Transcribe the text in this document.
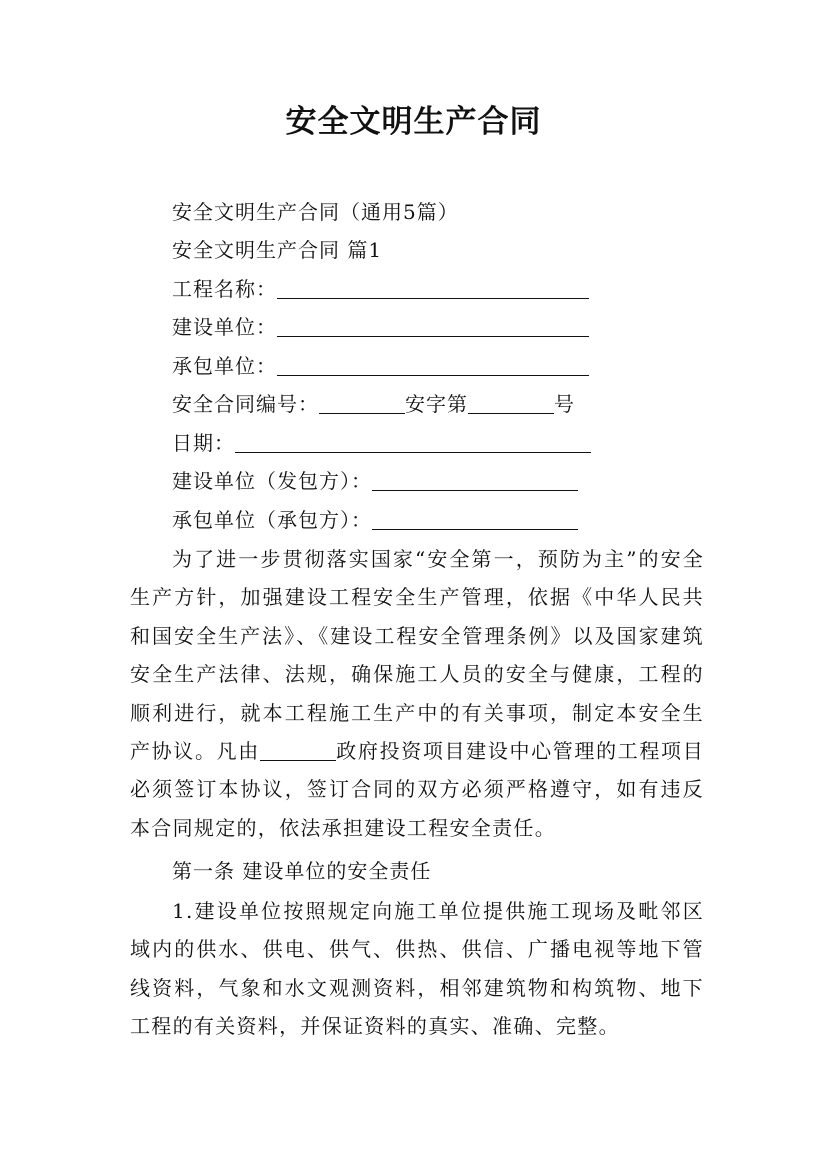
安全文明生产合同
安全文明生产合同（通用5篇）
安全文明生产合同 篇1
工程名称：
建设单位：
承包单位：
安全合同编号：	安字第	号
日期：
建设单位（发包方）：
承包单位（承包方）：
为了进一步贯彻落实国家“安全第一，预防为主”的安全生产方针，加强建设工程安全生产管理，依据《中华人民共和国安全生产法》、《建设工程安全管理条例》以及国家建筑安全生产法律、法规，确保施工人员的安全与健康，工程的顺利进行，就本工程施工生产中的有关事项，制定本安全生产协议。凡由	政府投资项目建设中心管理的工程项目必须签订本协议，签订合同的双方必须严格遵守，如有违反本合同规定的，依法承担建设工程安全责任。
第一条 建设单位的安全责任
1.建设单位按照规定向施工单位提供施工现场及毗邻区域内的供水、供电、供气、供热、供信、广播电视等地下管线资料，气象和水文观测资料，相邻建筑物和构筑物、地下工程的有关资料，并保证资料的真实、准确、完整。
